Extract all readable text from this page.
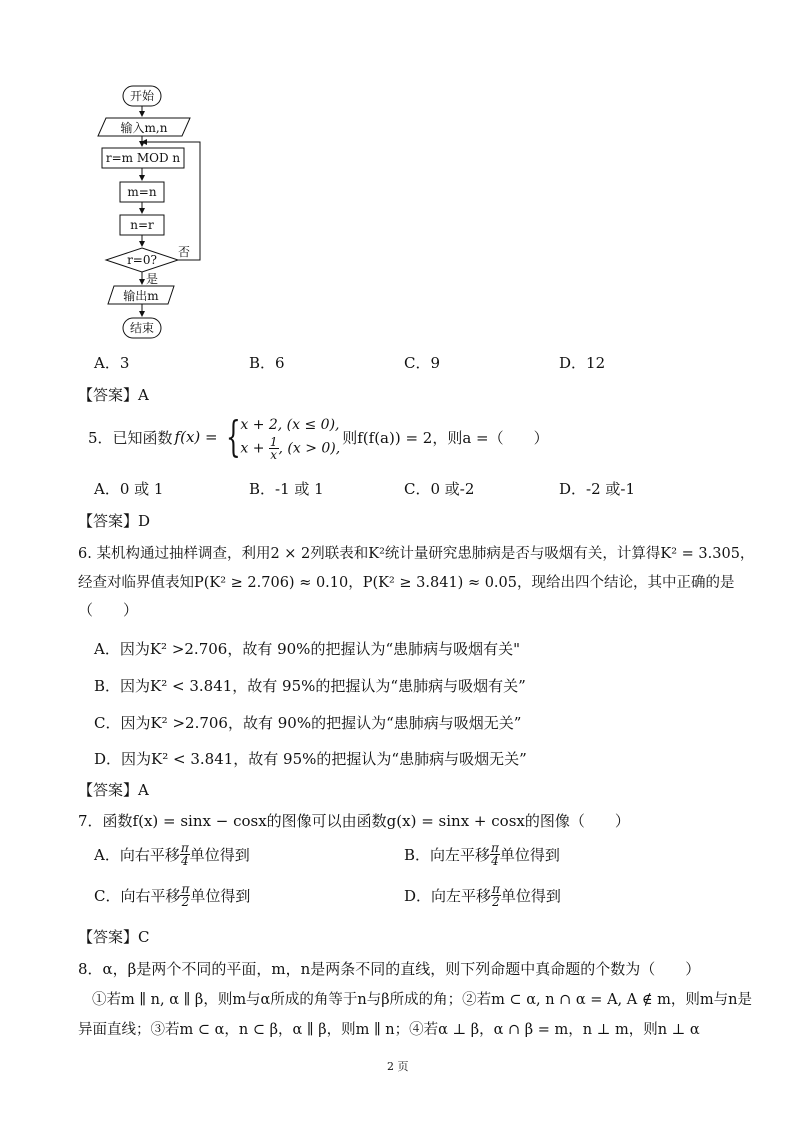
开始
输入m,n
r=m MOD n
m=n
n=r
r=0?
否
是
输出m
结束
A．3	B．6	C．9	D．12
【答案】A
5．已知函数 f(x) = { x + 2, (x ≤ 0),
$x + \frac{1}{x}$ , (x > 0),
则f(f(a)) = 2，则a =（　　）
A．0 或 1	B．-1 或 1	C．0 或-2	D．-2 或-1
【答案】D
6. 某机构通过抽样调查，利用2 × 2列联表和K²统计量研究患肺病是否与吸烟有关，计算得K² = 3.305，
经查对临界值表知P(K² ≥ 2.706) ≈ 0.10，P(K² ≥ 3.841) ≈ 0.05，现给出四个结论，其中正确的是
（　　）
A．因为K² >2.706，故有 90%的把握认为“患肺病与吸烟有关"
B．因为K² < 3.841，故有 95%的把握认为“患肺病与吸烟有关”
C．因为K² >2.706，故有 90%的把握认为“患肺病与吸烟无关”
D．因为K² < 3.841，故有 95%的把握认为“患肺病与吸烟无关”
【答案】A
7．函数f(x) = sinx − cosx的图像可以由函数g(x) = sinx + cosx的图像（　　）
A．向右平移 $\frac{\pi}{4}$ 单位得到	B．向左平移 $\frac{\pi}{4}$ 单位得到
C．向右平移 $\frac{\pi}{2}$ 单位得到	D．向左平移 $\frac{\pi}{2}$ 单位得到
【答案】C
8．α，β是两个不同的平面，m，n是两条不同的直线，则下列命题中真命题的个数为（　　）
①若m ∥ n, α ∥ β，则m与α所成的角等于n与β所成的角；②若m ⊂ α, n ∩ α = A, A ∉ m，则m与n是
异面直线；③若m ⊂ α，n ⊂ β，α ∥ β，则m ∥ n；④若α ⊥ β，α ∩ β = m，n ⊥ m，则n ⊥ α
2 页
